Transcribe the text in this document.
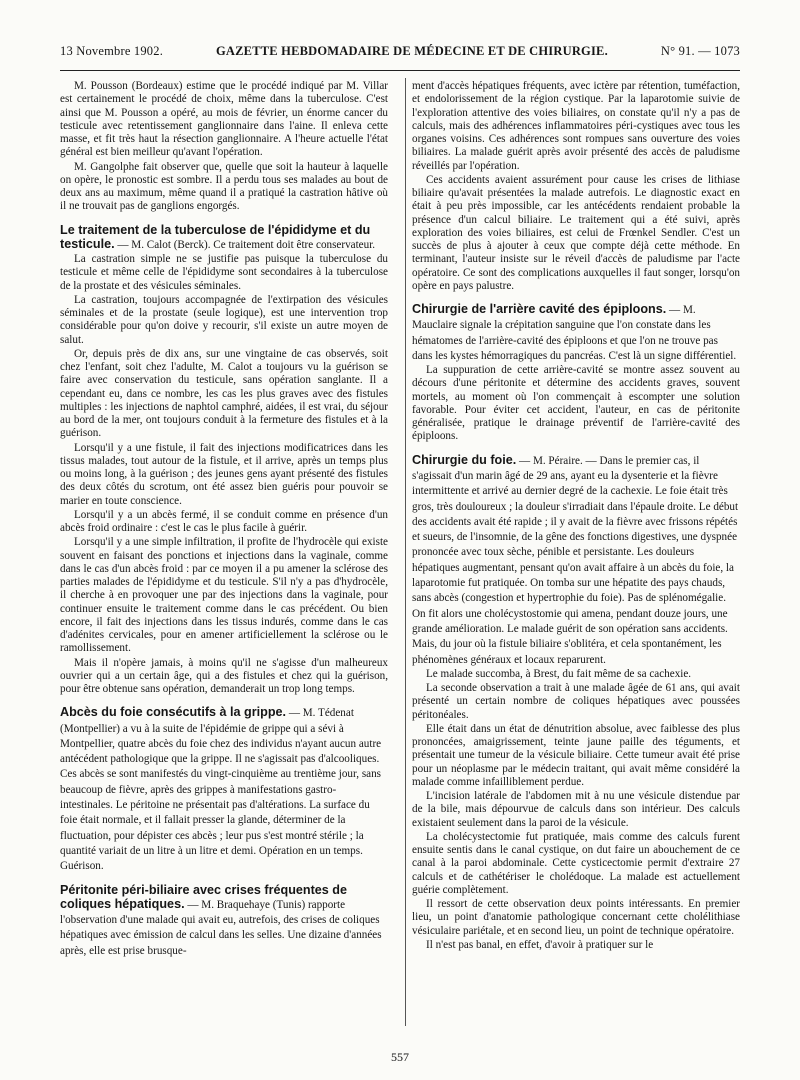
13 Novembre 1902.	GAZETTE HEBDOMADAIRE DE MÉDECINE ET DE CHIRURGIE.	N° 91. — 1073

M. Pousson (Bordeaux) estime que le procédé indiqué par M. Villar est certainement le procédé de choix, même dans la tuberculose. C'est ainsi que M. Pousson a opéré, au mois de février, un énorme cancer du testicule avec retentissement ganglionnaire dans l'aine. Il enleva cette masse, et fit très haut la résection ganglionnaire. A l'heure actuelle l'état général est bien meilleur qu'avant l'opération.

M. Gangolphe fait observer que, quelle que soit la hauteur à laquelle on opère, le pronostic est sombre. Il a perdu tous ses malades au bout de deux ans au maximum, même quand il a pratiqué la castration hâtive où il ne trouvait pas de ganglions engorgés.

Le traitement de la tuberculose de l'épididyme et du testicule. — M. Calot (Berck). Ce traitement doit être conservateur.

La castration simple ne se justifie pas puisque la tuberculose du testicule et même celle de l'épididyme sont secondaires à la tuberculose de la prostate et des vésicules séminales.

La castration, toujours accompagnée de l'extirpation des vésicules séminales et de la prostate (seule logique), est une intervention trop considérable pour qu'on doive y recourir, s'il existe un autre moyen de salut.

Or, depuis près de dix ans, sur une vingtaine de cas observés, soit chez l'enfant, soit chez l'adulte, M. Calot a toujours vu la guérison se faire avec conservation du testicule, sans opération sanglante. Il a cependant eu, dans ce nombre, les cas les plus graves avec des fistules multiples : les injections de naphtol camphré, aidées, il est vrai, du séjour au bord de la mer, ont toujours conduit à la fermeture des fistules et à la guérison.

Lorsqu'il y a une fistule, il fait des injections modificatrices dans les tissus malades, tout autour de la fistule, et il arrive, après un temps plus ou moins long, à la guérison ; des jeunes gens ayant présenté des fistules des deux côtés du scrotum, ont été assez bien guéris pour pouvoir se marier en toute conscience.

Lorsqu'il y a un abcès fermé, il se conduit comme en présence d'un abcès froid ordinaire : c'est le cas le plus facile à guérir.

Lorsqu'il y a une simple infiltration, il profite de l'hydrocèle qui existe souvent en faisant des ponctions et injections dans la vaginale, comme dans le cas d'un abcès froid : par ce moyen il a pu amener la sclérose des parties malades de l'épididyme et du testicule. S'il n'y a pas d'hydrocèle, il cherche à en provoquer une par des injections dans la vaginale, pour continuer ensuite le traitement comme dans le cas précédent. Ou bien encore, il fait des injections dans les tissus indurés, comme dans le cas d'adénites cervicales, pour en amener artificiellement la sclérose ou le ramollissement.

Mais il n'opère jamais, à moins qu'il ne s'agisse d'un malheureux ouvrier qui a un certain âge, qui a des fistules et chez qui la guérison, pour être obtenue sans opération, demanderait un trop long temps.

Abcès du foie consécutifs à la grippe. — M. Tédenat (Montpellier) a vu à la suite de l'épidémie de grippe qui a sévi à Montpellier, quatre abcès du foie chez des individus n'ayant aucun autre antécédent pathologique que la grippe. Il ne s'agissait pas d'alcooliques. Ces abcès se sont manifestés du vingt-cinquième au trentième jour, sans beaucoup de fièvre, après des grippes à manifestations gastro-intestinales. Le péritoine ne présentait pas d'altérations. La surface du foie était normale, et il fallait presser la glande, déterminer de la fluctuation, pour dépister ces abcès ; leur pus s'est montré stérile ; la quantité variait de un litre à un litre et demi. Opération en un temps. Guérison.
Péritonite péri-biliaire avec crises fréquentes de coliques hépatiques. — M. Braquehaye (Tunis) rapporte l'observation d'une malade qui avait eu, autrefois, des crises de coliques hépatiques avec émission de calcul dans les selles. Une dizaine d'années après, elle est prise brusque-

ment d'accès hépatiques fréquents, avec ictère par rétention, tuméfaction, et endolorissement de la région cystique. Par la laparotomie suivie de l'exploration attentive des voies biliaires, on constate qu'il n'y a pas de calculs, mais des adhérences inflammatoires péri-cystiques avec tous les organes voisins. Ces adhérences sont rompues sans ouverture des voies biliaires. La malade guérit après avoir présenté des accès de paludisme réveillés par l'opération.

Ces accidents avaient assurément pour cause les crises de lithiase biliaire qu'avait présentées la malade autrefois. Le diagnostic exact en était à peu près impossible, car les antécédents rendaient probable la présence d'un calcul biliaire. Le traitement qui a été suivi, après exploration des voies biliaires, est celui de Frœnkel Sendler. C'est un succès de plus à ajouter à ceux que compte déjà cette méthode. En terminant, l'auteur insiste sur le réveil d'accès de paludisme par l'acte opératoire. Ce sont des complications auxquelles il faut songer, lorsqu'on opère en pays palustre.

Chirurgie de l'arrière cavité des épiploons. — M. Mauclaire signale la crépitation sanguine que l'on constate dans les hématomes de l'arrière-cavité des épiploons et que l'on ne trouve pas dans les kystes hémorragiques du pancréas. C'est là un signe différentiel.

La suppuration de cette arrière-cavité se montre assez souvent au décours d'une péritonite et détermine des accidents graves, souvent mortels, au moment où l'on commençait à escompter une solution favorable. Pour éviter cet accident, l'auteur, en cas de péritonite généralisée, pratique le drainage préventif de l'arrière-cavité des épiploons.

Chirurgie du foie. — M. Péraire. — Dans le premier cas, il s'agissait d'un marin âgé de 29 ans, ayant eu la dysenterie et la fièvre intermittente et arrivé au dernier degré de la cachexie. Le foie était très gros, très douloureux ; la douleur s'irradiait dans l'épaule droite. Le début des accidents avait été rapide ; il y avait de la fièvre avec frissons répétés et sueurs, de l'insomnie, de la gêne des fonctions digestives, une dyspnée prononcée avec toux sèche, pénible et persistante. Les douleurs hépatiques augmentant, pensant qu'on avait affaire à un abcès du foie, la laparotomie fut pratiquée. On tomba sur une hépatite des pays chauds, sans abcès (congestion et hypertrophie du foie). Pas de splénomégalie. On fit alors une cholécystostomie qui amena, pendant douze jours, une grande amélioration. Le malade guérit de son opération sans accidents. Mais, du jour où la fistule biliaire s'oblitéra, et cela spontanément, les phénomènes généraux et locaux reparurent.

Le malade succomba, à Brest, du fait même de sa cachexie.

La seconde observation a trait à une malade âgée de 61 ans, qui avait présenté un certain nombre de coliques hépatiques avec poussées péritonéales.

Elle était dans un état de dénutrition absolue, avec faiblesse des plus prononcées, amaigrissement, teinte jaune paille des téguments, et présentait une tumeur de la vésicule biliaire. Cette tumeur avait été prise pour un néoplasme par le médecin traitant, qui avait même considéré la malade comme infailliblement perdue.

L'incision latérale de l'abdomen mit à nu une vésicule distendue par de la bile, mais dépourvue de calculs dans son intérieur. Des calculs existaient seulement dans la paroi de la vésicule.

La cholécystectomie fut pratiquée, mais comme des calculs furent ensuite sentis dans le canal cystique, on dut faire un abouchement de ce canal à la paroi abdominale. Cette cysticectomie permit d'extraire 27 calculs et de cathétériser le cholédoque. La malade est actuellement guérie complètement.

Il ressort de cette observation deux points intéressants. En premier lieu, un point d'anatomie pathologique concernant cette cholélithiase vésiculaire pariétale, et en second lieu, un point de technique opératoire.

Il n'est pas banal, en effet, d'avoir à pratiquer sur le

557
